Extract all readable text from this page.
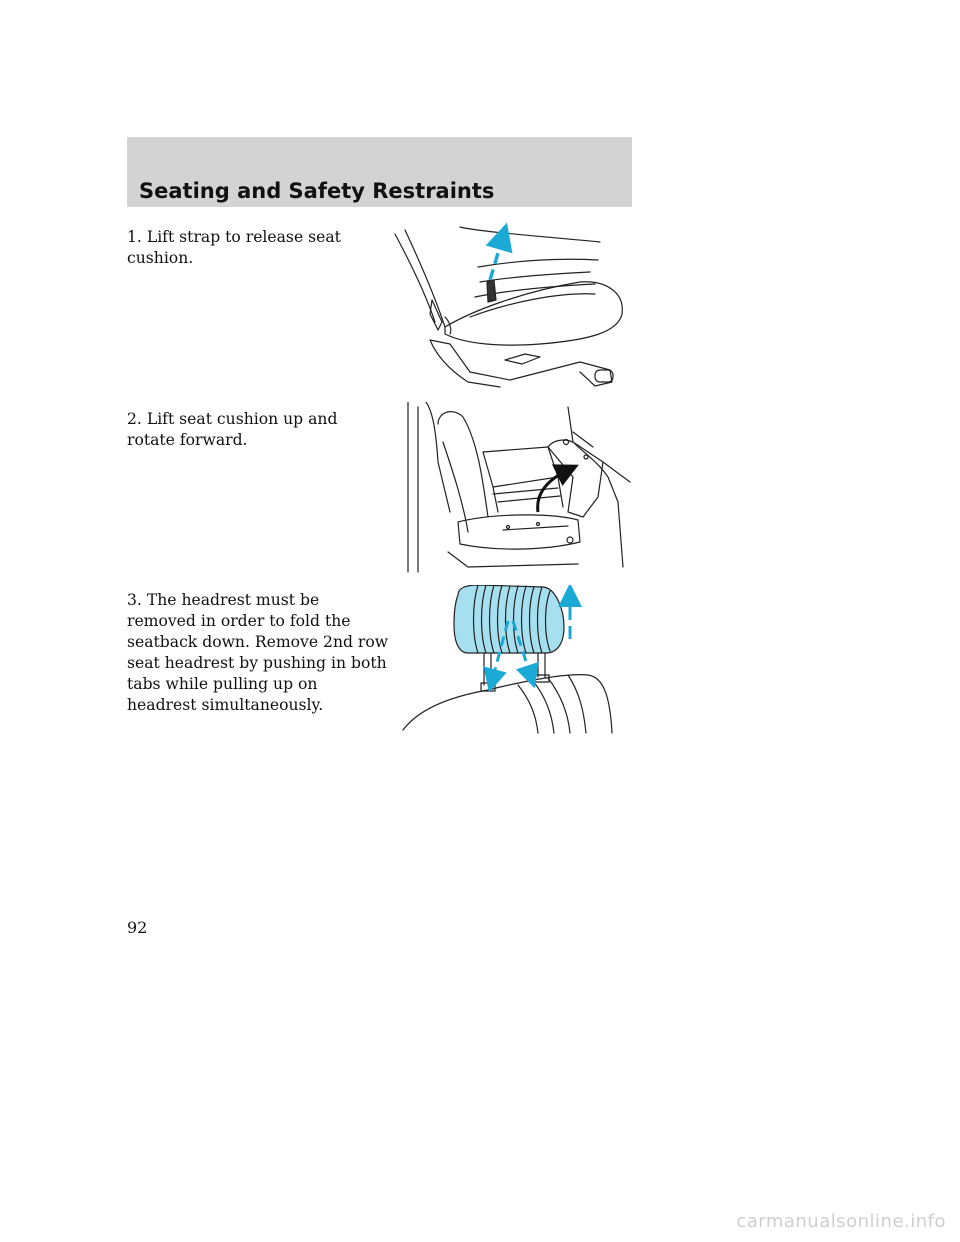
Seating and Safety Restraints

1. Lift strap to release seat cushion.

2. Lift seat cushion up and rotate forward.

3. The headrest must be removed in order to fold the seatback down. Remove 2nd row seat headrest by pushing in both tabs while pulling up on headrest simultaneously.

92

carmanualsonline.info
